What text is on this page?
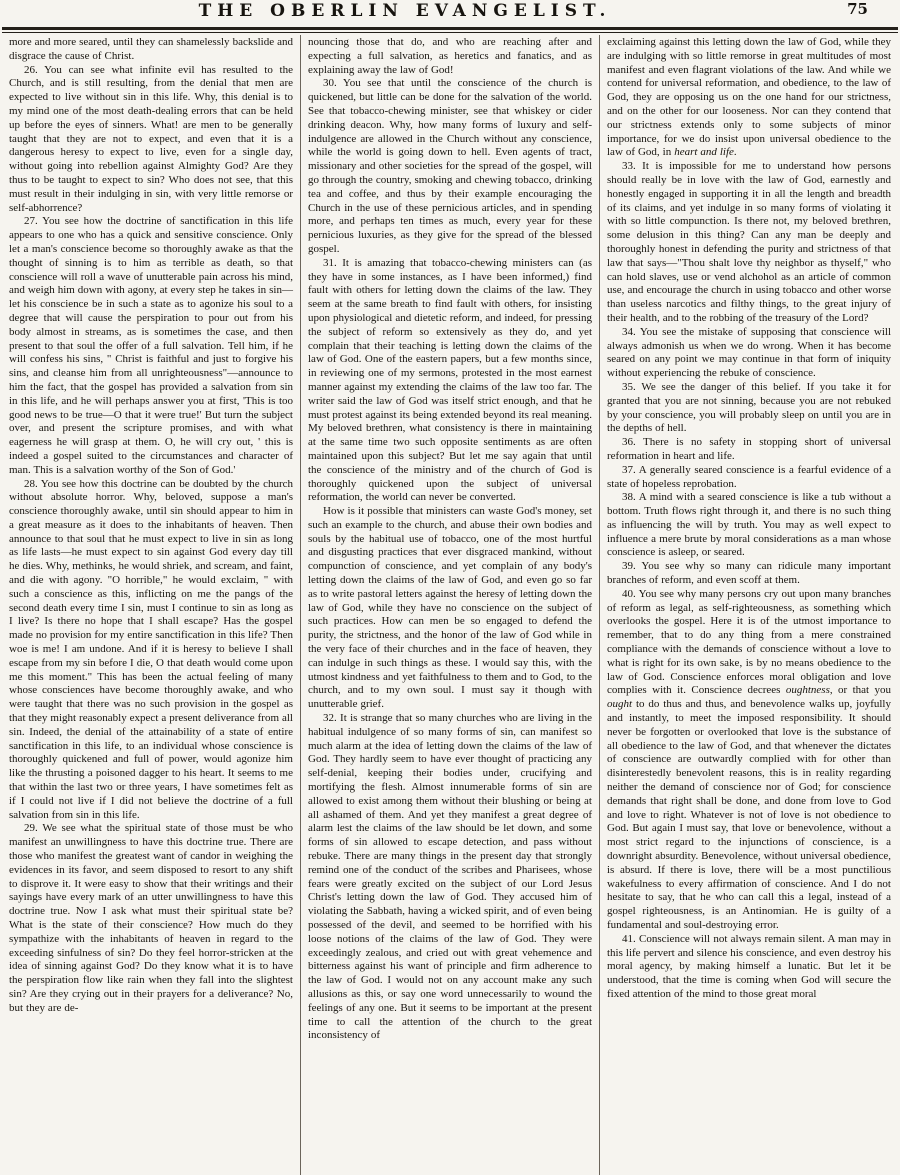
THE OBERLIN EVANGELIST.	75

more and more seared, until they can shamelessly backslide and disgrace the cause of Christ.

26. You can see what infinite evil has resulted to the Church, and is still resulting, from the denial that men are expected to live without sin in this life. Why, this denial is to my mind one of the most death-dealing errors that can be held up before the eyes of sinners. What! are men to be generally taught that they are not to expect, and even that it is a dangerous heresy to expect to live, even for a single day, without going into rebellion against Almighty God? Are they thus to be taught to expect to sin? Who does not see, that this must result in their indulging in sin, with very little remorse or self-abhorrence?

27. You see how the doctrine of sanctification in this life appears to one who has a quick and sensitive conscience. Only let a man's conscience become so thoroughly awake as that the thought of sinning is to him as terrible as death, so that conscience will roll a wave of unutterable pain across his mind, and weigh him down with agony, at every step he takes in sin—let his conscience be in such a state as to agonize his soul to a degree that will cause the perspiration to pour out from his body almost in streams, as is sometimes the case, and then present to that soul the offer of a full salvation. Tell him, if he will confess his sins, " Christ is faithful and just to forgive his sins, and cleanse him from all unrighteousness"—announce to him the fact, that the gospel has provided a salvation from sin in this life, and he will perhaps answer you at first, 'This is too good news to be true—O that it were true!' But turn the subject over, and present the scripture promises, and with what eagerness he will grasp at them. O, he will cry out, ' this is indeed a gospel suited to the circumstances and character of man. This is a salvation worthy of the Son of God.'

28. You see how this doctrine can be doubted by the church without absolute horror. Why, beloved, suppose a man's conscience thoroughly awake, until sin should appear to him in a great measure as it does to the inhabitants of heaven. Then announce to that soul that he must expect to live in sin as long as life lasts—he must expect to sin against God every day till he dies. Why, methinks, he would shriek, and scream, and faint, and die with agony. "O horrible," he would exclaim, " with such a conscience as this, inflicting on me the pangs of the second death every time I sin, must I continue to sin as long as I live? Is there no hope that I shall escape? Has the gospel made no provision for my entire sanctification in this life? Then woe is me! I am undone. And if it is heresy to believe I shall escape from my sin before I die, O that death would come upon me this moment." This has been the actual feeling of many whose consciences have become thoroughly awake, and who were taught that there was no such provision in the gospel as that they might reasonably expect a present deliverance from all sin. Indeed, the denial of the attainability of a state of entire sanctification in this life, to an individual whose conscience is thoroughly quickened and full of power, would agonize him like the thrusting a poisoned dagger to his heart. It seems to me that within the last two or three years, I have sometimes felt as if I could not live if I did not believe the doctrine of a full salvation from sin in this life.

29. We see what the spiritual state of those must be who manifest an unwillingness to have this doctrine true. There are those who manifest the greatest want of candor in weighing the evidences in its favor, and seem disposed to resort to any shift to disprove it. It were easy to show that their writings and their sayings have every mark of an utter unwillingness to have this doctrine true. Now I ask what must their spiritual state be? What is the state of their conscience? How much do they sympathize with the inhabitants of heaven in regard to the exceeding sinfulness of sin? Do they feel horror-stricken at the idea of sinning against God? Do they know what it is to have the perspiration flow like rain when they fall into the slightest sin? Are they crying out in their prayers for a deliverance? No, but they are de-

nouncing those that do, and who are reaching after and expecting a full salvation, as heretics and fanatics, and as explaining away the law of God!

30. You see that until the conscience of the church is quickened, but little can be done for the salvation of the world. See that tobacco-chewing minister, see that whiskey or cider drinking deacon. Why, how many forms of luxury and self-indulgence are allowed in the Church without any conscience, while the world is going down to hell. Even agents of tract, missionary and other societies for the spread of the gospel, will go through the country, smoking and chewing tobacco, drinking tea and coffee, and thus by their example encouraging the Church in the use of these pernicious articles, and in spending more, and perhaps ten times as much, every year for these pernicious luxuries, as they give for the spread of the blessed gospel.

31. It is amazing that tobacco-chewing ministers can (as they have in some instances, as I have been informed,) find fault with others for letting down the claims of the law. They seem at the same breath to find fault with others, for insisting upon physiological and dietetic reform, and indeed, for pressing the subject of reform so extensively as they do, and yet complain that their teaching is letting down the claims of the law of God. One of the eastern papers, but a few months since, in reviewing one of my sermons, protested in the most earnest manner against my extending the claims of the law too far. The writer said the law of God was itself strict enough, and that he must protest against its being extended beyond its real meaning. My beloved brethren, what consistency is there in maintaining at the same time two such opposite sentiments as are often maintained upon this subject? But let me say again that until the conscience of the ministry and of the church of God is thoroughly quickened upon the subject of universal reformation, the world can never be converted.

How is it possible that ministers can waste God's money, set such an example to the church, and abuse their own bodies and souls by the habitual use of tobacco, one of the most hurtful and disgusting practices that ever disgraced mankind, without compunction of conscience, and yet complain of any body's letting down the claims of the law of God, and even go so far as to write pastoral letters against the heresy of letting down the law of God, while they have no conscience on the subject of such practices. How can men be so engaged to defend the purity, the strictness, and the honor of the law of God while in the very face of their churches and in the face of heaven, they can indulge in such things as these. I would say this, with the utmost kindness and yet faithfulness to them and to God, to the church, and to my own soul. I must say it though with unutterable grief.

32. It is strange that so many churches who are living in the habitual indulgence of so many forms of sin, can manifest so much alarm at the idea of letting down the claims of the law of God. They hardly seem to have ever thought of practicing any self-denial, keeping their bodies under, crucifying and mortifying the flesh. Almost innumerable forms of sin are allowed to exist among them without their blushing or being at all ashamed of them. And yet they manifest a great degree of alarm lest the claims of the law should be let down, and some forms of sin allowed to escape detection, and pass without rebuke. There are many things in the present day that strongly remind one of the conduct of the scribes and Pharisees, whose fears were greatly excited on the subject of our Lord Jesus Christ's letting down the law of God. They accused him of violating the Sabbath, having a wicked spirit, and of even being possessed of the devil, and seemed to be horrified with his loose notions of the claims of the law of God. They were exceedingly zealous, and cried out with great vehemence and bitterness against his want of principle and firm adherence to the law of God. I would not on any account make any such allusions as this, or say one word unnecessarily to wound the feelings of any one. But it seems to be important at the present time to call the attention of the church to the great inconsistency of

exclaiming against this letting down the law of God, while they are indulging with so little remorse in great multitudes of most manifest and even flagrant violations of the law. And while we contend for universal reformation, and obedience, to the law of God, they are opposing us on the one hand for our strictness, and on the other for our looseness. Nor can they contend that our strictness extends only to some subjects of minor importance, for we do insist upon universal obedience to the law of God, in heart and life.

33. It is impossible for me to understand how persons should really be in love with the law of God, earnestly and honestly engaged in supporting it in all the length and breadth of its claims, and yet indulge in so many forms of violating it with so little compunction. Is there not, my beloved brethren, some delusion in this thing? Can any man be deeply and thoroughly honest in defending the purity and strictness of that law that says—"Thou shalt love thy neighbor as thyself," who can hold slaves, use or vend alchohol as an article of common use, and encourage the church in using tobacco and other worse than useless narcotics and filthy things, to the great injury of their health, and to the robbing of the treasury of the Lord?

34. You see the mistake of supposing that conscience will always admonish us when we do wrong. When it has become seared on any point we may continue in that form of iniquity without experiencing the rebuke of conscience.

35. We see the danger of this belief. If you take it for granted that you are not sinning, because you are not rebuked by your conscience, you will probably sleep on until you are in the depths of hell.

36. There is no safety in stopping short of universal reformation in heart and life.

37. A generally seared conscience is a fearful evidence of a state of hopeless reprobation.

38. A mind with a seared conscience is like a tub without a bottom. Truth flows right through it, and there is no such thing as influencing the will by truth. You may as well expect to influence a mere brute by moral considerations as a man whose conscience is asleep, or seared.

39. You see why so many can ridicule many important branches of reform, and even scoff at them.

40. You see why many persons cry out upon many branches of reform as legal, as self-righteousness, as something which overlooks the gospel. Here it is of the utmost importance to remember, that to do any thing from a mere constrained compliance with the demands of conscience without a love to what is right for its own sake, is by no means obedience to the law of God. Conscience enforces moral obligation and love complies with it. Conscience decrees oughtness, or that you ought to do thus and thus, and benevolence walks up, joyfully and instantly, to meet the imposed responsibility. It should never be forgotten or overlooked that love is the substance of all obedience to the law of God, and that whenever the dictates of conscience are outwardly complied with for other than disinterestedly benevolent reasons, this is in reality regarding neither the demand of conscience nor of God; for conscience demands that right shall be done, and done from love to God and love to right. Whatever is not of love is not obedience to God. But again I must say, that love or benevolence, without a most strict regard to the injunctions of conscience, is a downright absurdity. Benevolence, without universal obedience, is absurd. If there is love, there will be a most punctilious wakefulness to every affirmation of conscience. And I do not hesitate to say, that he who can call this a legal, instead of a gospel righteousness, is an Antinomian. He is guilty of a fundamental and soul-destroying error.

41. Conscience will not always remain silent. A man may in this life pervert and silence his conscience, and even destroy his moral agency, by making himself a lunatic. But let it be understood, that the time is coming when God will secure the fixed attention of the mind to those great moral
